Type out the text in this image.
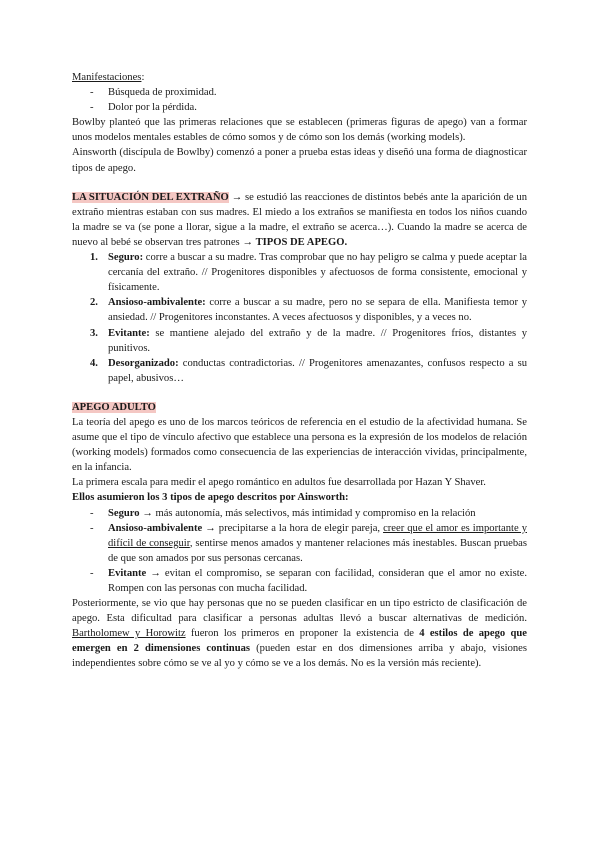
Manifestaciones:

- Búsqueda de proximidad.
- Dolor por la pérdida.

Bowlby planteó que las primeras relaciones que se establecen (primeras figuras de apego) van a formar unos modelos mentales estables de cómo somos y de cómo son los demás (working models).

Ainsworth (discípula de Bowlby) comenzó a poner a prueba estas ideas y diseñó una forma de diagnosticar tipos de apego.

LA SITUACIÓN DEL EXTRAÑO → se estudió las reacciones de distintos bebés ante la aparición de un extraño mientras estaban con sus madres. El miedo a los extraños se manifiesta en todos los niños cuando la madre se va (se pone a llorar, sigue a la madre, el extraño se acerca…). Cuando la madre se acerca de nuevo al bebé se observan tres patrones → TIPOS DE APEGO.

1. Seguro: corre a buscar a su madre. Tras comprobar que no hay peligro se calma y puede aceptar la cercanía del extraño. // Progenitores disponibles y afectuosos de forma consistente, emocional y físicamente.
2. Ansioso-ambivalente: corre a buscar a su madre, pero no se separa de ella. Manifiesta temor y ansiedad. // Progenitores inconstantes. A veces afectuosos y disponibles, y a veces no.
3. Evitante: se mantiene alejado del extraño y de la madre. // Progenitores fríos, distantes y punitivos.
4. Desorganizado: conductas contradictorias. // Progenitores amenazantes, confusos respecto a su papel, abusivos…

APEGO ADULTO

La teoría del apego es uno de los marcos teóricos de referencia en el estudio de la afectividad humana. Se asume que el tipo de vínculo afectivo que establece una persona es la expresión de los modelos de relación (working models) formados como consecuencia de las experiencias de interacción vividas, principalmente, en la infancia.

La primera escala para medir el apego romántico en adultos fue desarrollada por Hazan Y Shaver.

Ellos asumieron los 3 tipos de apego descritos por Ainsworth:

- Seguro → más autonomía, más selectivos, más intimidad y compromiso en la relación
- Ansioso-ambivalente → precipitarse a la hora de elegir pareja, creer que el amor es importante y difícil de conseguir, sentirse menos amados y mantener relaciones más inestables. Buscan pruebas de que son amados por sus personas cercanas.
- Evitante → evitan el compromiso, se separan con facilidad, consideran que el amor no existe. Rompen con las personas con mucha facilidad.

Posteriormente, se vio que hay personas que no se pueden clasificar en un tipo estricto de clasificación de apego. Esta dificultad para clasificar a personas adultas llevó a buscar alternativas de medición. Bartholomew y Horowitz fueron los primeros en proponer la existencia de 4 estilos de apego que emergen en 2 dimensiones continuas (pueden estar en dos dimensiones arriba y abajo, visiones independientes sobre cómo se ve al yo y cómo se ve a los demás. No es la versión más reciente).
